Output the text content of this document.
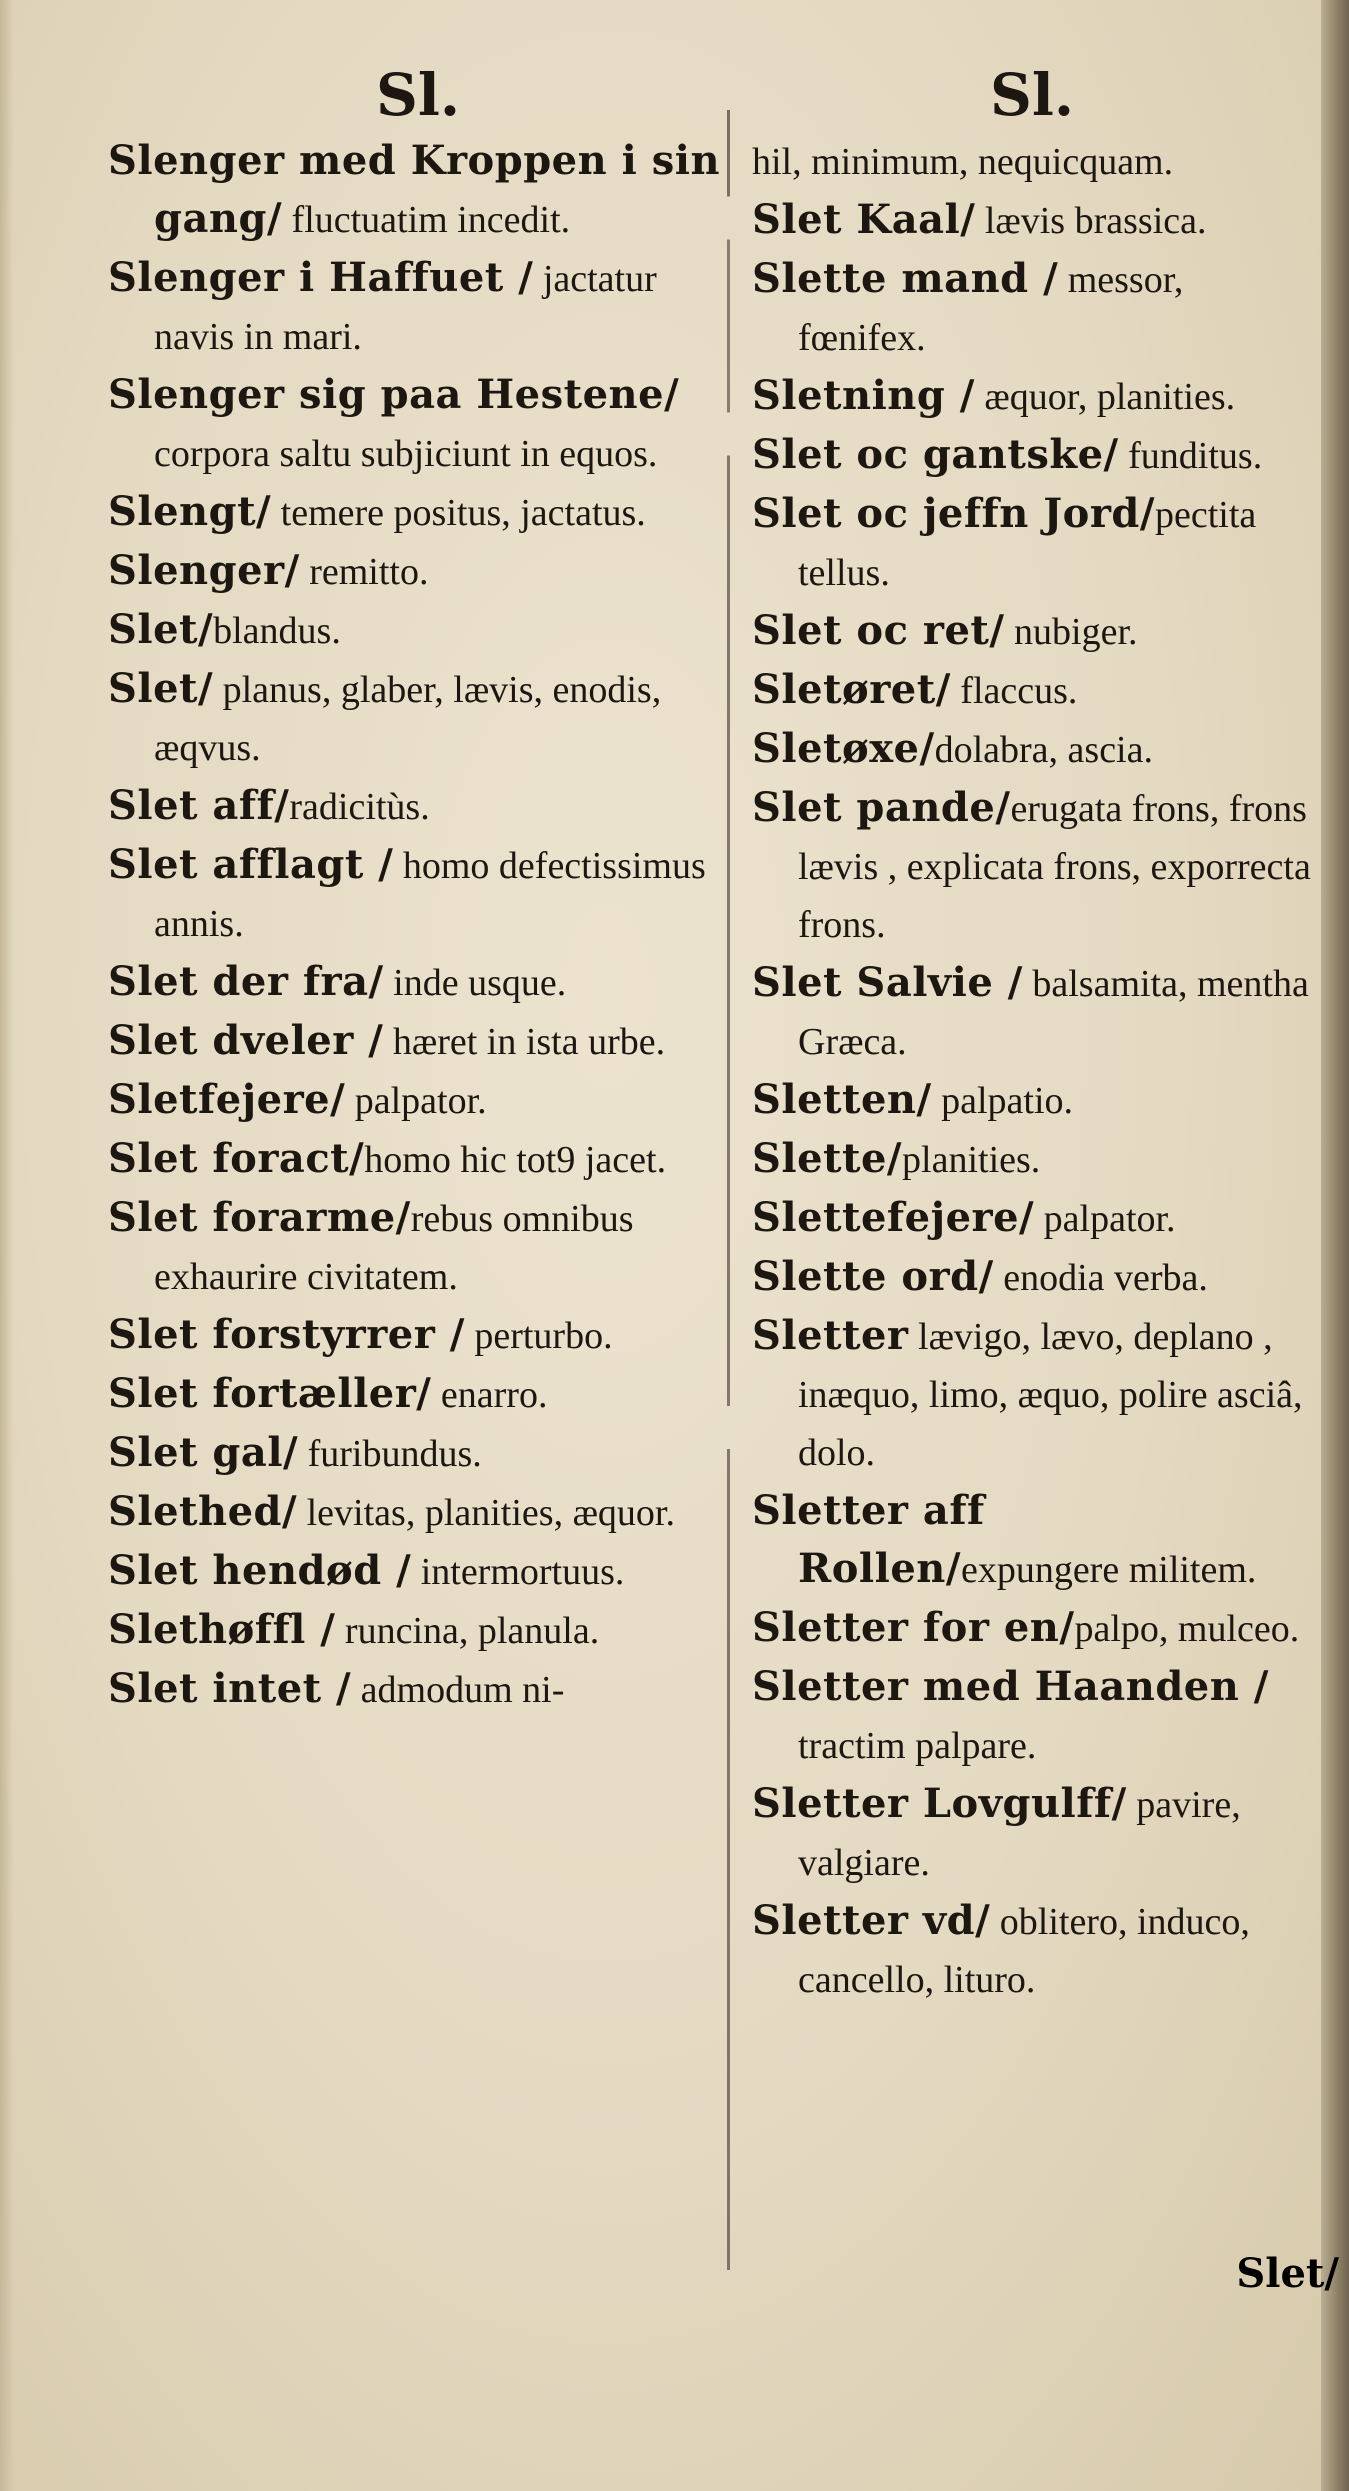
Sl.
Slenger med Kroppen i sin gang/ fluctuatim incedit.
Slenger i Haffuet / jactatur navis in mari.
Slenger sig paa Hestene/ corpora saltu subjiciunt in equos.
Slengt/ temere positus, jactatus.
Slenger/ remitto.
Slet/blandus.
Slet/ planus, glaber, lævis, enodis, æqvus.
Slet aff/radicitùs.
Slet afflagt / homo defectissimus annis.
Slet der fra/ inde usque.
Slet dveler / hæret in ista urbe.
Sletfejere/ palpator.
Slet foract/homo hic tot9 jacet.
Slet forarme/rebus omnibus exhaurire civitatem.
Slet forstyrrer / perturbo.
Slet fortæller/ enarro.
Slet gal/ furibundus.
Slethed/ levitas, planities, æquor.
Slet hendød / intermortuus.
Slethøffl / runcina, planula.
Slet intet / admodum ni-
Sl.
hil, minimum, nequicquam.
Slet Kaal/ lævis brassica.
Slette mand / messor, fœnifex.
Sletning / æquor, planities.
Slet oc gantske/ funditus.
Slet oc jeffn Jord/pectita tellus.
Slet oc ret/ nubiger.
Sletøret/ flaccus.
Sletøxe/dolabra, ascia.
Slet pande/erugata frons, frons lævis , explicata frons, exporrecta frons.
Slet Salvie / balsamita, mentha Græca.
Sletten/ palpatio.
Slette/planities.
Slettefejere/ palpator.
Slette ord/ enodia verba.
Sletter lævigo, lævo, deplano , inæquo, limo, æquo, polire asciâ, dolo.
Sletter aff Rollen/expungere militem.
Sletter for en/palpo, mulceo.
Sletter med Haanden / tractim palpare.
Sletter Lovgulff/ pavire, valgiare.
Sletter vd/ oblitero, induco, cancello, lituro.
Slet/
